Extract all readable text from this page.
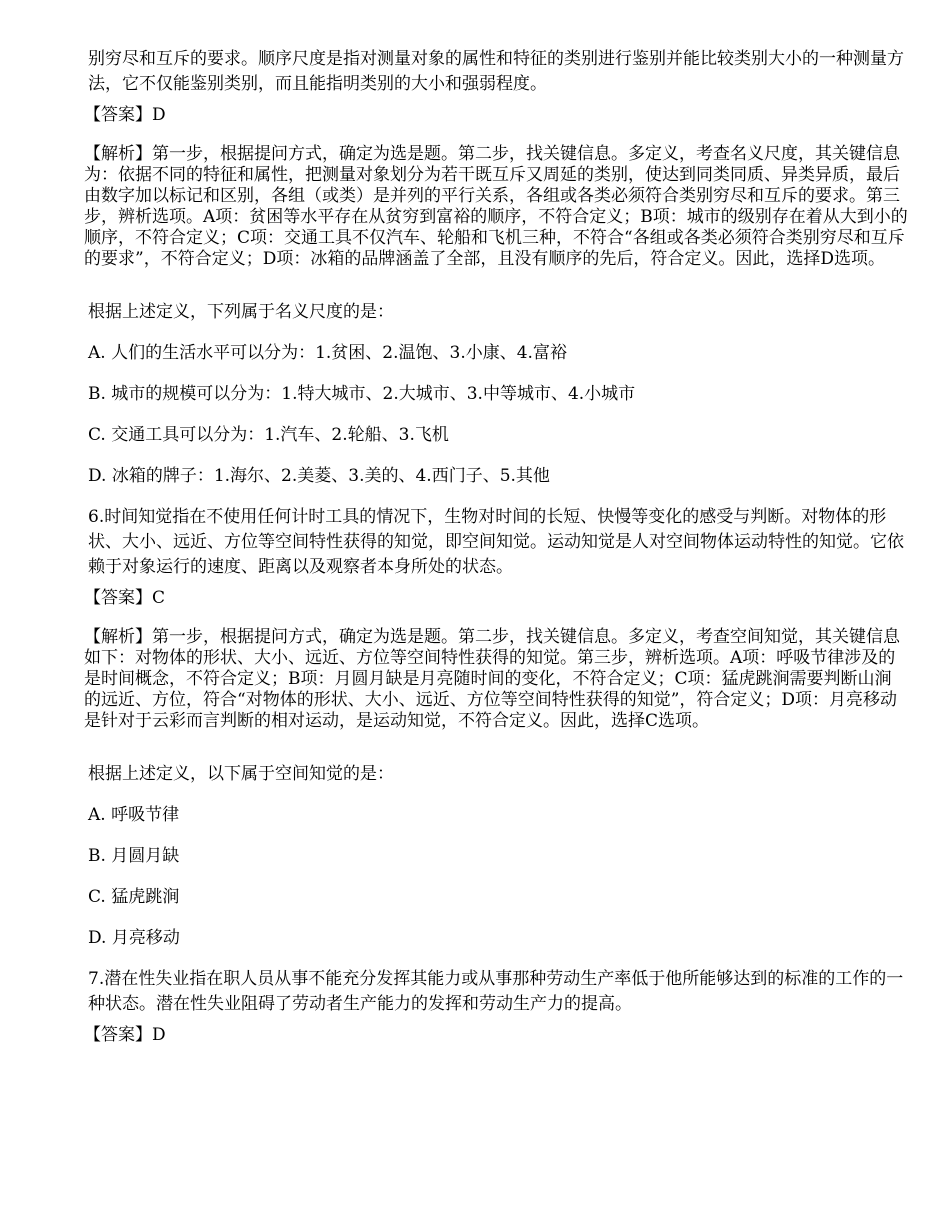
别穷尽和互斥的要求。顺序尺度是指对测量对象的属性和特征的类别进行鉴别并能比较类别大小的一种测量方法，它不仅能鉴别类别，而且能指明类别的大小和强弱程度。

【答案】D

【解析】第一步，根据提问方式，确定为选是题。第二步，找关键信息。多定义，考查名义尺度，其关键信息为：依据不同的特征和属性，把测量对象划分为若干既互斥又周延的类别，使达到同类同质、异类异质，最后由数字加以标记和区别，各组（或类）是并列的平行关系，各组或各类必须符合类别穷尽和互斥的要求。第三步，辨析选项。A项：贫困等水平存在从贫穷到富裕的顺序，不符合定义；B项：城市的级别存在着从大到小的顺序，不符合定义；C项：交通工具不仅汽车、轮船和飞机三种，不符合“各组或各类必须符合类别穷尽和互斥的要求”，不符合定义；D项：冰箱的品牌涵盖了全部，且没有顺序的先后，符合定义。因此，选择D选项。

根据上述定义，下列属于名义尺度的是：

A. 人们的生活水平可以分为：1.贫困、2.温饱、3.小康、4.富裕

B. 城市的规模可以分为：1.特大城市、2.大城市、3.中等城市、4.小城市

C. 交通工具可以分为：1.汽车、2.轮船、3.飞机

D. 冰箱的牌子：1.海尔、2.美菱、3.美的、4.西门子、5.其他

6.时间知觉指在不使用任何计时工具的情况下，生物对时间的长短、快慢等变化的感受与判断。对物体的形状、大小、远近、方位等空间特性获得的知觉，即空间知觉。运动知觉是人对空间物体运动特性的知觉。它依赖于对象运行的速度、距离以及观察者本身所处的状态。

【答案】C

【解析】第一步，根据提问方式，确定为选是题。第二步，找关键信息。多定义，考查空间知觉，其关键信息如下：对物体的形状、大小、远近、方位等空间特性获得的知觉。第三步，辨析选项。A项：呼吸节律涉及的是时间概念，不符合定义；B项：月圆月缺是月亮随时间的变化，不符合定义；C项：猛虎跳涧需要判断山涧的远近、方位，符合“对物体的形状、大小、远近、方位等空间特性获得的知觉”，符合定义；D项：月亮移动是针对于云彩而言判断的相对运动，是运动知觉，不符合定义。因此，选择C选项。

根据上述定义，以下属于空间知觉的是：

A. 呼吸节律

B. 月圆月缺

C. 猛虎跳涧

D. 月亮移动

7.潜在性失业指在职人员从事不能充分发挥其能力或从事那种劳动生产率低于他所能够达到的标准的工作的一种状态。潜在性失业阻碍了劳动者生产能力的发挥和劳动生产力的提高。

【答案】D
